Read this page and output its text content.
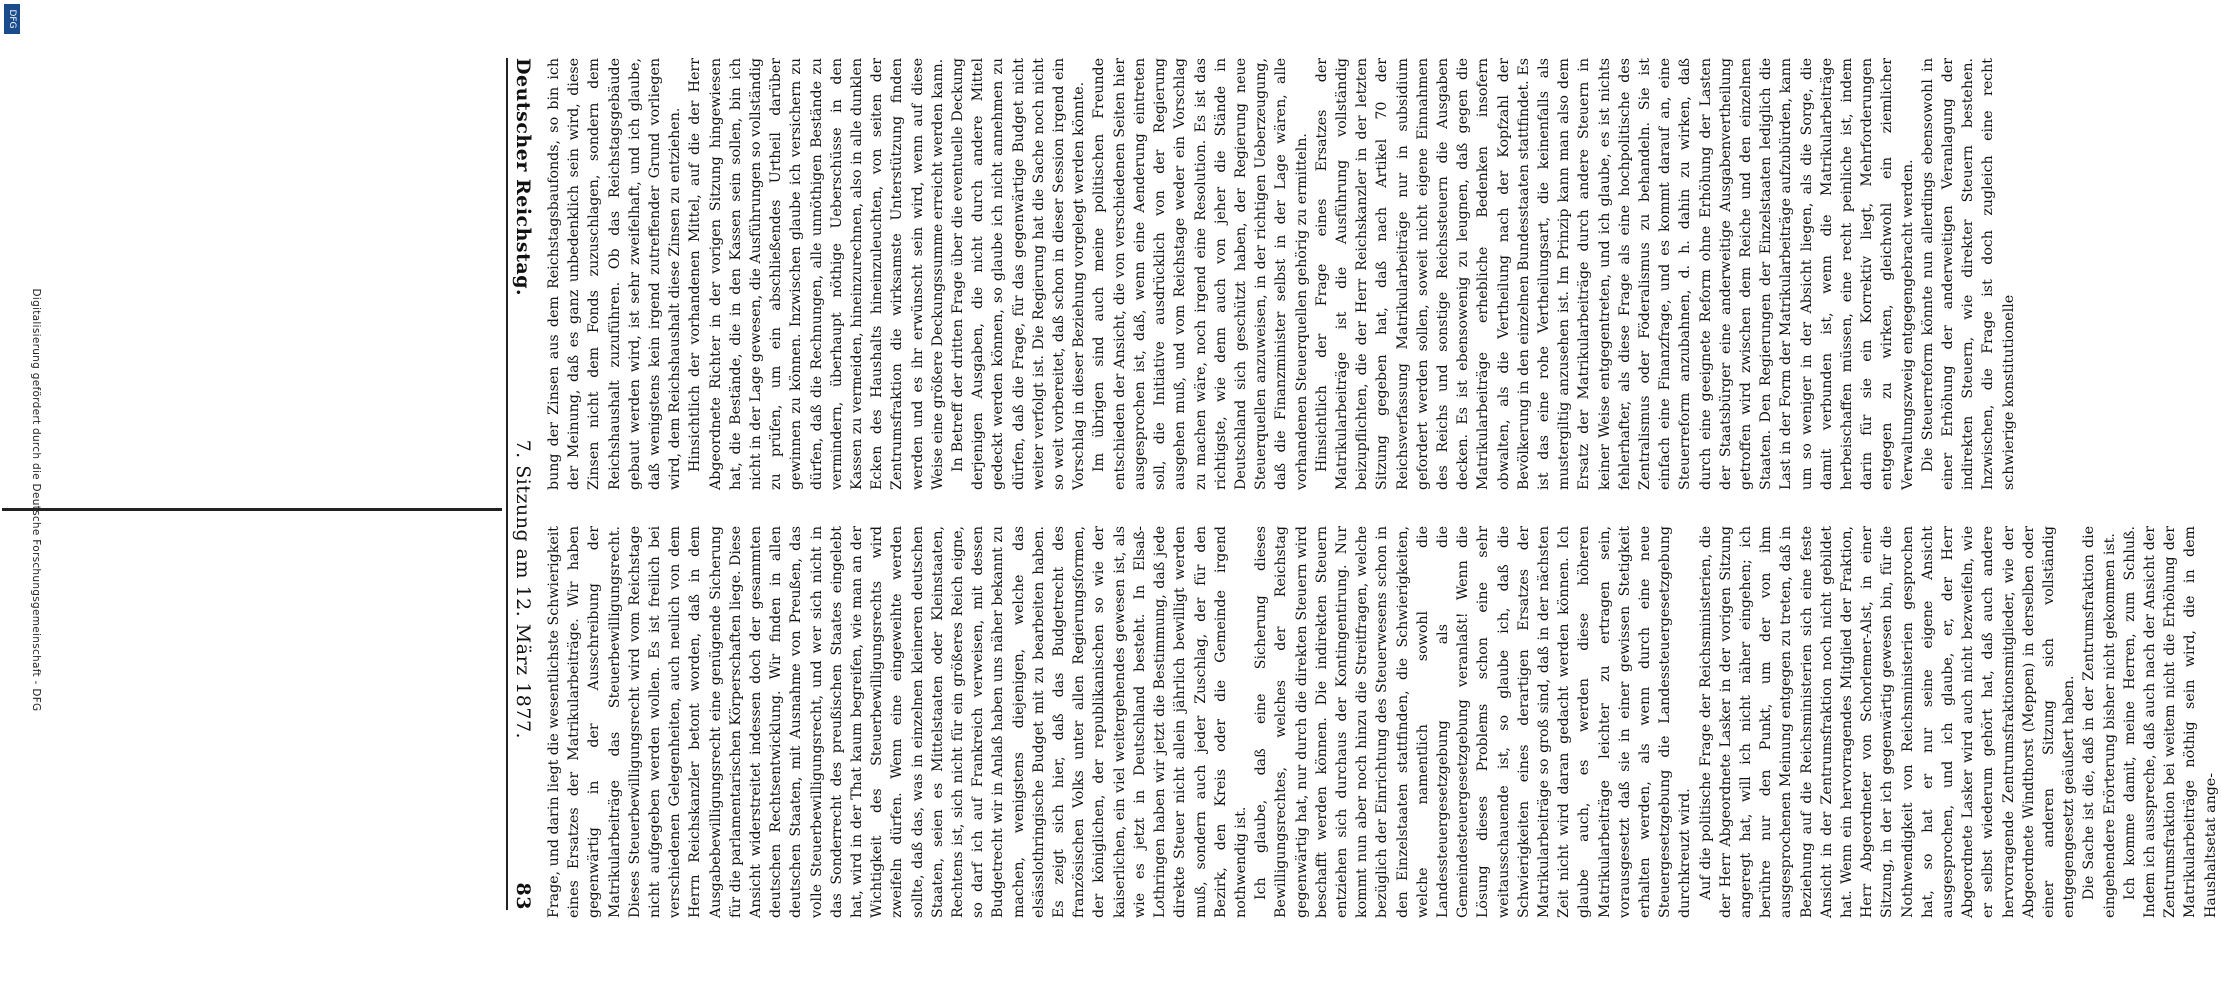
bung der Zinsen aus dem Reichstagsbaufonds, so bin ich der Meinung, daß es ganz unbedenklich sein wird, diese Zinsen nicht dem Fonds zuzuschlagen, sondern dem Reichshaushalt zuzuführen. Ob das Reichstagsgebäude gebaut werden wird, ist sehr zweifelhaft, und ich glaube, daß wenigstens kein irgend zutreffender Grund vorliegen wird, dem Reichshaushalt diese Zinsen zu entziehen. Hinsichtlich der vorhandenen Mittel, auf die der Herr Abgeordnete Richter in der vorigen Sitzung hingewiesen hat, die Bestände, die in den Kassen sein sollen, bin ich nicht in der Lage gewesen, die Ausführungen so vollständig zu prüfen, um ein abschließendes Urtheil darüber gewinnen zu können. Inzwischen glaube ich versichern zu dürfen, daß die Rechnungen, alle unnöthigen Bestände zu vermindern, überhaupt nöthige Ueberschüsse in den Kassen zu vermeiden, hineinzurechnen, also in alle dunklen Ecken des Haushalts hineinzuleuchten, von seiten der Zentrumsfraktion die wirksamste Unterstützung finden werden und es ihr erwünscht sein wird, wenn auf diese Weise eine größere Deckungssumme erreicht werden kann. In Betreff der dritten Frage über die eventuelle Deckung derjenigen Ausgaben, die nicht durch andere Mittel gedeckt werden können, so glaube ich nicht annehmen zu dürfen, daß die Frage, für das gegenwärtige Budget nicht weiter verfolgt ist. Die Regierung hat die Sache noch nicht so weit vorbereitet, daß schon in dieser Session irgend ein Vorschlag in dieser Beziehung vorgelegt werden könnte. Im übrigen sind auch meine politischen Freunde entschieden der Ansicht, die von verschiedenen Seiten hier ausgesprochen ist, daß, wenn eine Aenderung eintreten soll, die Initiative ausdrücklich von der Regierung ausgehen muß, und vom Reichstage weder ein Vorschlag zu machen wäre, noch irgend eine Resolution. Es ist das richtigste, wie denn auch von jeher die Stände in Deutschland sich geschützt haben, der Regierung neue Steuerquellen anzuweisen, in der richtigen Ueberzeugung, daß die Finanzminister selbst in der Lage wären, alle vorhandenen Steuerquellen gehörig zu ermitteln. Hinsichtlich der Frage eines Ersatzes der Matrikularbeiträge ist die Ausführung vollständig beizupflichten, die der Herr Reichskanzler in der letzten Sitzung gegeben hat, daß nach Artikel 70 der Reichsverfassung Matrikularbeiträge nur in subsidium gefordert werden sollen, soweit nicht eigene Einnahmen des Reichs und sonstige Reichssteuern die Ausgaben decken. Es ist ebensowenig zu leugnen, daß gegen die Matrikularbeiträge erhebliche Bedenken insofern obwalten, als die Vertheilung nach der Kopfzahl der Bevölkerung in den einzelnen Bundesstaaten stattfindet. Es ist das eine rohe Vertheilungsart, die keinenfalls als mustergiltig anzusehen ist. Im Prinzip kann man also dem Ersatz der Matrikularbeiträge durch andere Steuern in keiner Weise entgegentreten, und ich glaube, es ist nichts fehlerhafter, als diese Frage als eine hochpolitische des Zentralismus oder Föderalismus zu behandeln. Sie ist einfach eine Finanzfrage, und es kommt darauf an, eine Steuerreform anzubahnen, d. h. dahin zu wirken, daß durch eine geeignete Reform ohne Erhöhung der Lasten der Staatsbürger eine anderweitige Ausgabenvertheilung getroffen wird zwischen dem Reiche und den einzelnen Staaten. Den Regierungen der Einzelstaaten lediglich die Last in der Form der Matrikularbeiträge aufzubürden, kann um so weniger in der Absicht liegen, als die Sorge, die damit verbunden ist, wenn die Matrikularbeiträge herbeischaffen müssen, eine recht peinliche ist, indem darin für sie ein Korrektiv liegt, Mehrforderungen entgegen zu wirken, gleichwohl ein ziemlicher Verwaltungszweig entgegengebracht werden. Die Steuerreform könnte nun allerdings ebensowohl in einer Erhöhung der anderweitigen Veranlagung der indirekten Steuern, wie direkter Steuern bestehen. Inzwischen, die Frage ist doch zugleich eine recht schwierige konstitutionelle

Frage, und darin liegt die wesentlichste Schwierigkeit eines Ersatzes der Matrikularbeiträge. Wir haben gegenwärtig in der Ausschreibung der Matrikularbeiträge das Steuerbewilligungsrecht. Dieses Steuerbewilligungsrecht wird vom Reichstage nicht aufgegeben werden wollen. Es ist freilich bei verschiedenen Gelegenheiten, auch neulich von dem Herrn Reichskanzler betont worden, daß in dem Ausgabebewilligungsrecht eine genügende Sicherung für die parlamentarischen Körperschaften liege. Diese Ansicht widerstreitet indessen doch der gesammten deutschen Rechtsentwicklung. Wir finden in allen deutschen Staaten, mit Ausnahme von Preußen, das volle Steuerbewilligungsrecht, und wer sich nicht in das Sonderrecht des preußischen Staates eingelebt hat, wird in der That kaum begreifen, wie man an der Wichtigkeit des Steuerbewilligungsrechts wird zweifeln dürfen. Wenn eine eingeweihte werden sollte, daß das, was in einzelnen kleineren deutschen Staaten, seien es Mittelstaaten oder Kleinstaaten, Rechtens ist, sich nicht für ein größeres Reich eigne, so darf ich auf Frankreich verweisen, mit dessen Budgetrecht wir in Anlaß haben uns näher bekannt zu machen, wenigstens diejenigen, welche das elsässlothringische Budget mit zu bearbeiten haben. Es zeigt sich hier, daß das Budgetrecht des französischen Volks unter allen Regierungsformen, der königlichen, der republikanischen so wie der kaiserlichen, ein viel weitergehendes gewesen ist, als wie es jetzt in Deutschland besteht. In Elsaß-Lothringen haben wir jetzt die Bestimmung, daß jede direkte Steuer nicht allein jährlich bewilligt werden muß, sondern auch jeder Zuschlag, der für den Bezirk, den Kreis oder die Gemeinde irgend nothwendig ist. Ich glaube, daß eine Sicherung dieses Bewilligungsrechtes, welches der Reichstag gegenwärtig hat, nur durch die direkten Steuern wird beschafft werden können. Die indirekten Steuern entziehen sich durchaus der Kontingentirung. Nur kommt nun aber noch hinzu die Streitfragen, welche bezüglich der Einrichtung des Steuerwesens schon in den Einzelstaaten stattfinden, die Schwierigkeiten, welche namentlich sowohl die Landessteuergesetzgebung als die Gemeindesteuergesetzgebung veranlaßt! Wenn die Lösung dieses Problems schon eine sehr weitausschauende ist, so glaube ich, daß die Schwierigkeiten eines derartigen Ersatzes der Matrikularbeiträge so groß sind, daß in der nächsten Zeit nicht wird daran gedacht werden können. Ich glaube auch, es werden diese höheren Matrikularbeiträge leichter zu ertragen sein, vorausgesetzt daß sie in einer gewissen Stetigkeit erhalten werden, als wenn durch eine neue Steuergesetzgebung die Landessteuergesetzgebung durchkreuzt wird. Auf die politische Frage der Reichsministerien, die der Herr Abgeordnete Lasker in der vorigen Sitzung angeregt hat, will ich nicht näher eingehen; ich berühre nur den Punkt, um der von ihm ausgesprochenen Meinung entgegen zu treten, daß in Beziehung auf die Reichsministerien sich eine feste Ansicht in der Zentrumsfraktion noch nicht gebildet hat. Wenn ein hervorragendes Mitglied der Fraktion, Herr Abgeordneter von Schorlemer-Alst, in einer Sitzung, in der ich gegenwärtig gewesen bin, für die Nothwendigkeit von Reichsministerien gesprochen hat, so hat er nur seine eigene Ansicht ausgesprochen, und ich glaube, er, der Herr Abgeordnete Lasker wird auch nicht bezweifeln, wie er selbst wiederum gehört hat, daß auch andere hervorragende Zentrumsfraktionsmitglieder, wie der Abgeordnete Windthorst (Meppen) in derselben oder einer anderen Sitzung sich vollständig entgegengesetzt geäußert haben. Die Sache ist die, daß in der Zentrumsfraktion die eingehendere Erörterung bisher nicht gekommen ist. Ich komme damit, meine Herren, zum Schluß. Indem ich ausspreche, daß auch nach der Ansicht der Zentrumsfraktion bei weitem nicht die Erhöhung der Matrikularbeiträge nöthig sein wird, die in dem Haushaltsetat ange-

Deutscher Reichstag.
7. Sitzung am 12. März 1877.
83
Digitalisierung gefördert durch die Deutsche Forschungsgemeinschaft - DFG
DFG
